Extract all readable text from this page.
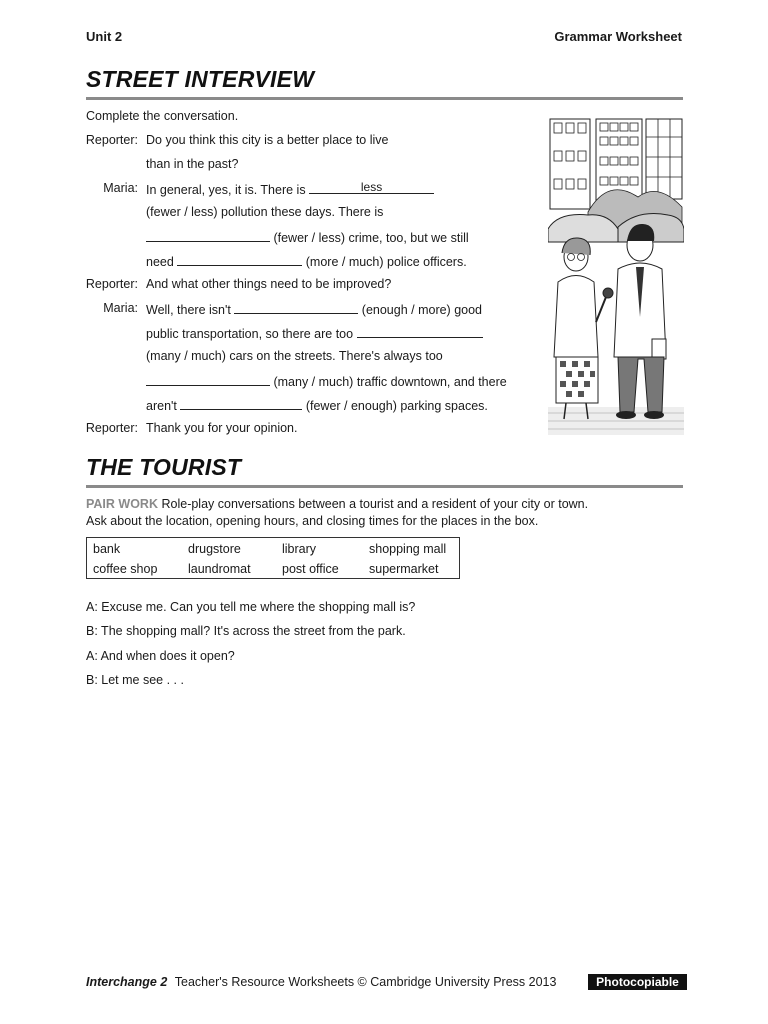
Unit 2	Grammar Worksheet
STREET INTERVIEW
Complete the conversation.
Reporter: Do you think this city is a better place to live
than in the past?
Maria: In general, yes, it is. There is	less
(fewer / less) pollution these days. There is
(fewer / less) crime, too, but we still
need	(more / much) police officers.
Reporter: And what other things need to be improved?
Maria: Well, there isn't	(enough / more) good
public transportation, so there are too
(many / much) cars on the streets. There's always too
(many / much) traffic downtown, and there
aren't	(fewer / enough) parking spaces.
Reporter: Thank you for your opinion.
THE TOURIST
PAIR WORK Role-play conversations between a tourist and a resident of your city or town.
Ask about the location, opening hours, and closing times for the places in the box.
bank	drugstore	library	shopping mall
coffee shop	laundromat	post office	supermarket
A: Excuse me. Can you tell me where the shopping mall is?
B: The shopping mall? It's across the street from the park.
A: And when does it open?
B: Let me see . . .
Interchange 2 Teacher's Resource Worksheets © Cambridge University Press 2013	Photocopiable
